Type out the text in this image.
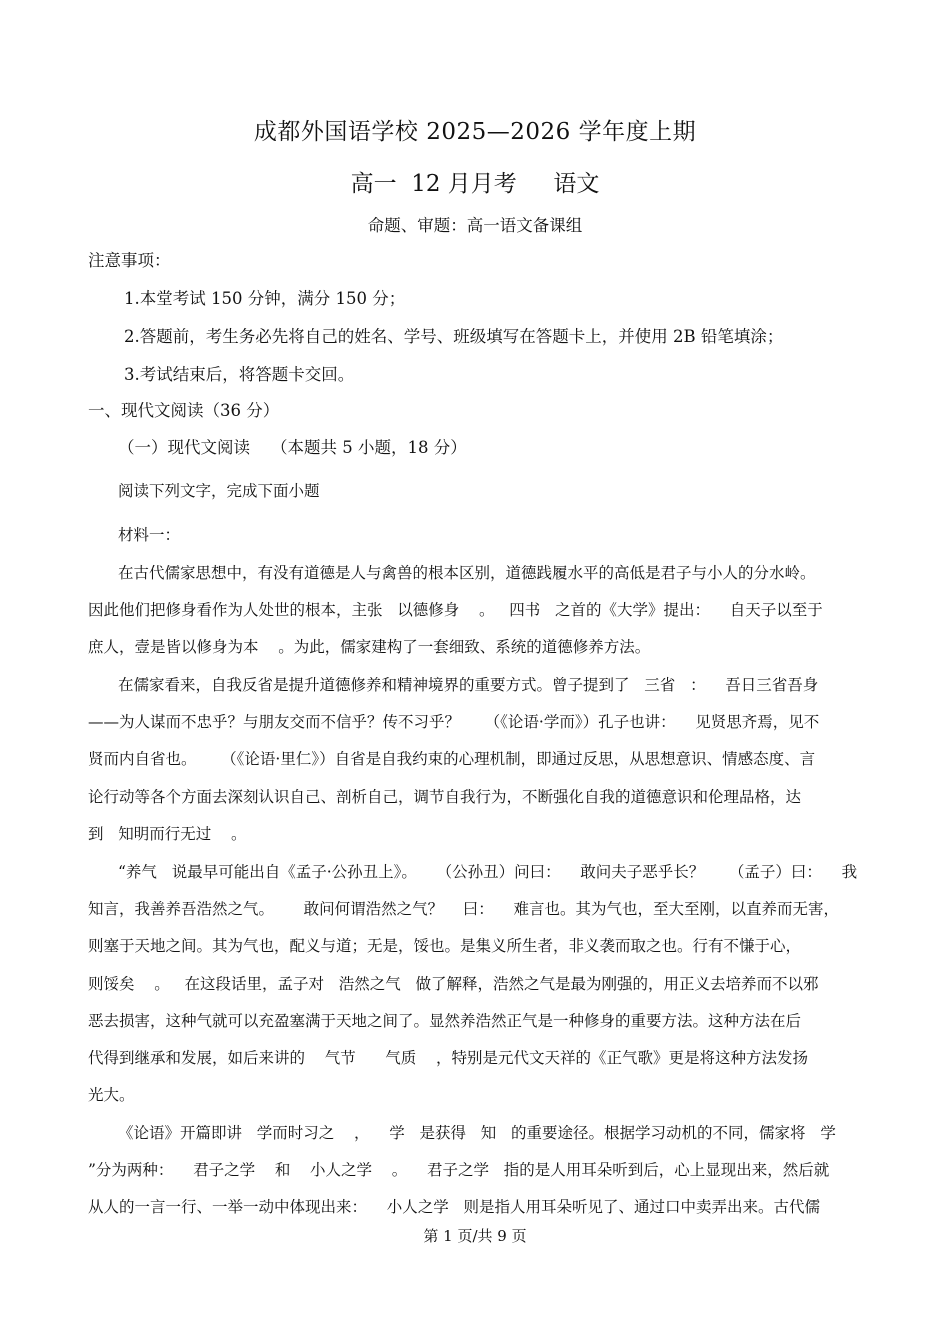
成都外国语学校 2025—2026 学年度上期
高一  12 月月考     语文
命题、审题：高一语文备课组
注意事项：
1.本堂考试 150 分钟，满分 150 分；
2.答题前，考生务必先将自己的姓名、学号、班级填写在答题卡上，并使用 2B 铅笔填涂；
3.考试结束后，将答题卡交回。
一、现代文阅读（36 分）
（一）现代文阅读    （本题共 5 小题，18 分）
阅读下列文字，完成下面小题
材料一：
在古代儒家思想中，有没有道德是人与禽兽的根本区别，道德践履水平的高低是君子与小人的分水岭。
因此他们把修身看作为人处世的根本，主张   以德修身    。   四书   之首的《大学》提出：    自天子以至于
庶人，壹是皆以修身为本    。为此，儒家建构了一套细致、系统的道德修养方法。
在儒家看来，自我反省是提升道德修养和精神境界的重要方式。曾子提到了   三省   ：    吾日三省吾身
——为人谋而不忠乎？与朋友交而不信乎？传不习乎？     （《论语·学而》）孔子也讲：    见贤思齐焉，见不
贤而内自省也。     （《论语·里仁》）自省是自我约束的心理机制，即通过反思，从思想意识、情感态度、言
论行动等各个方面去深刻认识自己、剖析自己，调节自我行为，不断强化自我的道德意识和伦理品格，达
到   知明而行无过    。
“养气   说最早可能出自《孟子·公孙丑上》。    （公孙丑）问曰：    敢问夫子恶乎长？     （孟子）曰：    我
知言，我善养吾浩然之气。      敢问何谓浩然之气？    曰：    难言也。其为气也，至大至刚，以直养而无害，
则塞于天地之间。其为气也，配义与道；无是，馁也。是集义所生者，非义袭而取之也。行有不慊于心，
则馁矣    。   在这段话里，孟子对   浩然之气   做了解释，浩然之气是最为刚强的，用正义去培养而不以邪
恶去损害，这种气就可以充盈塞满于天地之间了。显然养浩然正气是一种修身的重要方法。这种方法在后
代得到继承和发展，如后来讲的    气节      气质    ，特别是元代文天祥的《正气歌》更是将这种方法发扬
光大。
《论语》开篇即讲   学而时习之    ，    学   是获得   知   的重要途径。根据学习动机的不同，儒家将   学
”分为两种：    君子之学    和    小人之学    。    君子之学   指的是人用耳朵听到后，心上显现出来，然后就
从人的一言一行、一举一动中体现出来：    小人之学   则是指人用耳朵听见了、通过口中卖弄出来。古代儒
第 1 页/共 9 页
